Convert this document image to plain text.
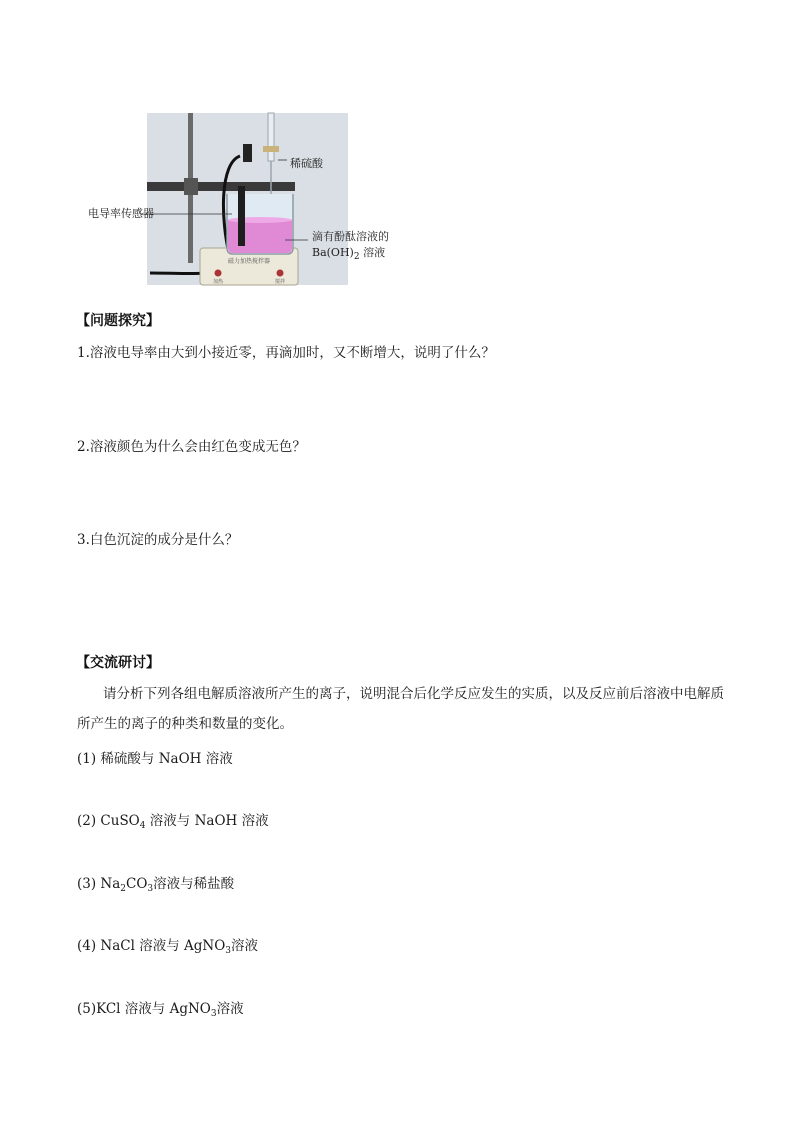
磁力加热搅拌器
加热	搅拌
稀硫酸
电导率传感器
滴有酚酞溶液的
$Ba(OH)_2$ 溶液
【问题探究】
1.溶液电导率由大到小接近零，再滴加时，又不断增大，说明了什么？
2.溶液颜色为什么会由红色变成无色？
3.白色沉淀的成分是什么？
【交流研讨】
请分析下列各组电解质溶液所产生的离子，说明混合后化学反应发生的实质，以及反应前后溶液中电解质所产生的离子的种类和数量的变化。
(1) 稀硫酸与 NaOH 溶液
(2) CuSO$_4$ 溶液与 NaOH 溶液
(3) $Na_2CO_3$溶液与稀盐酸
(4) NaCl 溶液与 AgNO$_3$溶液
(5)KCl 溶液与 AgNO$_3$溶液
